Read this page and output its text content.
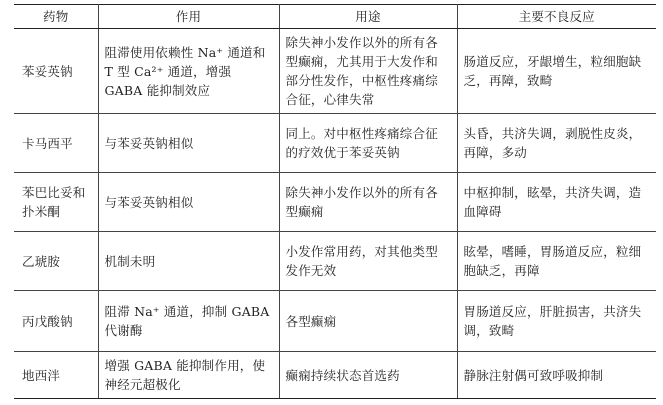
药物	作用	用途	主要不良反应
苯妥英钠	阻滞使用依赖性 Na⁺ 通道和 T 型 Ca²⁺ 通道，增强 GABA 能抑制效应	除失神小发作以外的所有各型癫痫，尤其用于大发作和部分性发作，中枢性疼痛综合征，心律失常	肠道反应，牙龈增生，粒细胞缺乏，再障，致畸
卡马西平	与苯妥英钠相似	同上。对中枢性疼痛综合征的疗效优于苯妥英钠	头昏，共济失调，剥脱性皮炎，再障，多动
苯巴比妥和扑米酮	与苯妥英钠相似	除失神小发作以外的所有各型癫痫	中枢抑制，眩晕，共济失调，造血障碍
乙琥胺	机制未明	小发作常用药，对其他类型发作无效	眩晕，嗜睡，胃肠道反应，粒细胞缺乏，再障
丙戊酸钠	阻滞 Na⁺ 通道，抑制 GABA 代谢酶	各型癫痫	胃肠道反应，肝脏损害，共济失调，致畸
地西泮	增强 GABA 能抑制作用，使神经元超极化	癫痫持续状态首选药	静脉注射偶可致呼吸抑制
